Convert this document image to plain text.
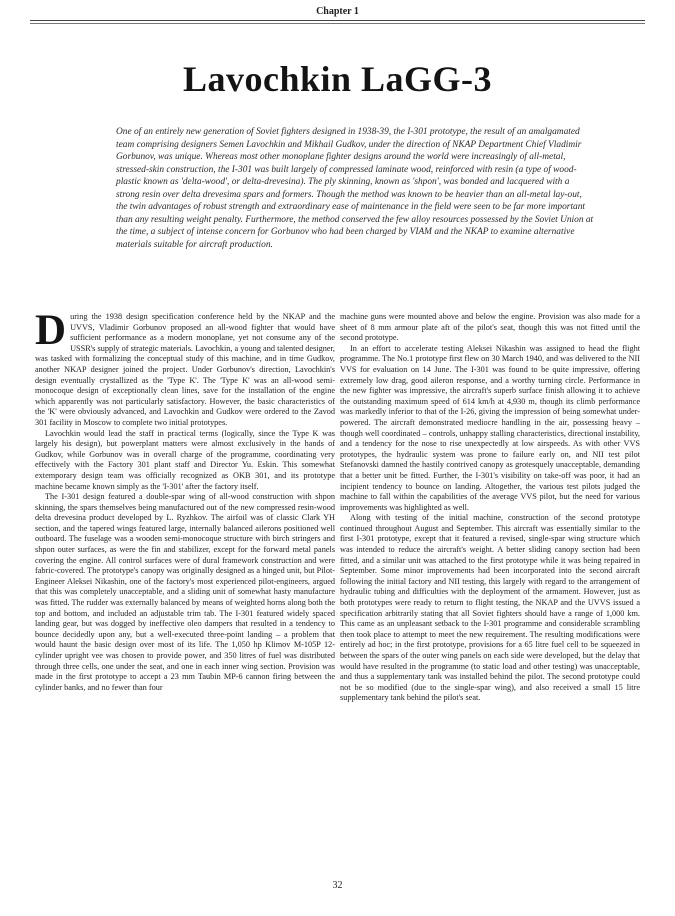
Chapter 1
Lavochkin LaGG-3
One of an entirely new generation of Soviet fighters designed in 1938-39, the I-301 prototype, the result of an amalgamated team comprising designers Semen Lavochkin and Mikhail Gudkov, under the direction of NKAP Department Chief Vladimir Gorbunov, was unique. Whereas most other monoplane fighter designs around the world were increasingly of all-metal, stressed-skin construction, the I-301 was built largely of compressed laminate wood, reinforced with resin (a type of wood-plastic known as 'delta-wood', or delta-drevesina). The ply skinning, known as 'shpon', was bonded and lacquered with a strong resin over delta drevesima spars and formers. Though the method was known to be heavier than an all-metal lay-out, the twin advantages of robust strength and extraordinary ease of maintenance in the field were seen to be far more important than any resulting weight penalty. Furthermore, the method conserved the few alloy resources possessed by the Soviet Union at the time, a subject of intense concern for Gorbunov who had been charged by VIAM and the NKAP to examine alternative materials suitable for aircraft production.

During the 1938 design specification conference held by the NKAP and the UVVS, Vladimir Gorbunov proposed an all-wood fighter that would have sufficient performance as a modern monoplane, yet not consume any of the USSR's supply of strategic materials. Lavochkin, a young and talented designer, was tasked with formalizing the conceptual study of this machine, and in time Gudkov, another NKAP designer joined the project. Under Gorbunov's direction, Lavochkin's design eventually crystallized as the 'Type K'. The 'Type K' was an all-wood semi-monocoque design of exceptionally clean lines, save for the installation of the engine which apparently was not particularly satisfactory. However, the basic characteristics of the 'K' were obviously advanced, and Lavochkin and Gudkov were ordered to the Zavod 301 facility in Moscow to complete two initial prototypes.

Lavochkin would lead the staff in practical terms (logically, since the Type K was largely his design), but powerplant matters were almost exclusively in the hands of Gudkov, while Gorbunov was in overall charge of the programme, coordinating very effectively with the Factory 301 plant staff and Director Yu. Eskin. This somewhat extemporary design team was officially recognized as OKB 301, and its prototype machine became known simply as the 'I-301' after the factory itself.

The I-301 design featured a double-spar wing of all-wood construction with shpon skinning, the spars themselves being manufactured out of the new compressed resin-wood delta drevesina product developed by L. Ryzhkov. The airfoil was of classic Clark YH section, and the tapered wings featured large, internally balanced ailerons positioned well outboard. The fuselage was a wooden semi-monocoque structure with birch stringers and shpon outer surfaces, as were the fin and stabilizer, except for the forward metal panels covering the engine. All control surfaces were of dural framework construction and were fabric-covered. The prototype's canopy was originally designed as a hinged unit, but Pilot-Engineer Aleksei Nikashin, one of the factory's most experienced pilot-engineers, argued that this was completely unacceptable, and a sliding unit of somewhat hasty manufacture was fitted. The rudder was externally balanced by means of weighted horns along both the top and bottom, and included an adjustable trim tab. The I-301 featured widely spaced landing gear, but was dogged by ineffective oleo dampers that resulted in a tendency to bounce decidedly upon any, but a well-executed three-point landing – a problem that would haunt the basic design over most of its life. The 1,050 hp Klimov M-105P 12-cylinder upright vee was chosen to provide power, and 350 litres of fuel was distributed through three cells, one under the seat, and one in each inner wing section. Provision was made in the first prototype to accept a 23 mm Taubin MP-6 cannon firing between the cylinder banks, and no fewer than four

machine guns were mounted above and below the engine. Provision was also made for a sheet of 8 mm armour plate aft of the pilot's seat, though this was not fitted until the second prototype.

In an effort to accelerate testing Aleksei Nikashin was assigned to head the flight programme. The No.1 prototype first flew on 30 March 1940, and was delivered to the NII VVS for evaluation on 14 June. The I-301 was found to be quite impressive, offering extremely low drag, good aileron response, and a worthy turning circle. Performance in the new fighter was impressive, the aircraft's superb surface finish allowing it to achieve the outstanding maximum speed of 614 km/h at 4,930 m, though its climb performance was markedly inferior to that of the I-26, giving the impression of being somewhat under-powered. The aircraft demonstrated mediocre handling in the air, possessing heavy – though well coordinated – controls, unhappy stalling characteristics, directional instability, and a tendency for the nose to rise unexpectedly at low airspeeds. As with other VVS prototypes, the hydraulic system was prone to failure early on, and NII test pilot Stefanovski damned the hastily contrived canopy as grotesquely unacceptable, demanding that a better unit be fitted. Further, the I-301's visibility on take-off was poor, it had an incipient tendency to bounce on landing. Altogether, the various test pilots judged the machine to fall within the capabilities of the average VVS pilot, but the need for various improvements was highlighted as well.

Along with testing of the initial machine, construction of the second prototype continued throughout August and September. This aircraft was essentially similar to the first I-301 prototype, except that it featured a revised, single-spar wing structure which was intended to reduce the aircraft's weight. A better sliding canopy section had been fitted, and a similar unit was attached to the first prototype while it was being repaired in September. Some minor improvements had been incorporated into the second aircraft following the initial factory and NII testing, this largely with regard to the arrangement of hydraulic tubing and difficulties with the deployment of the armament. However, just as both prototypes were ready to return to flight testing, the NKAP and the UVVS issued a specification arbitrarily stating that all Soviet fighters should have a range of 1,000 km. This came as an unpleasant setback to the I-301 programme and considerable scrambling then took place to attempt to meet the new requirement. The resulting modifications were entirely ad hoc; in the first prototype, provisions for a 65 litre fuel cell to be squeezed in between the spars of the outer wing panels on each side were developed, but the delay that would have resulted in the programme (to static load and other testing) was unacceptable, and thus a supplementary tank was installed behind the pilot. The second prototype could not be so modified (due to the single-spar wing), and also received a small 15 litre supplementary tank behind the pilot's seat.

32
